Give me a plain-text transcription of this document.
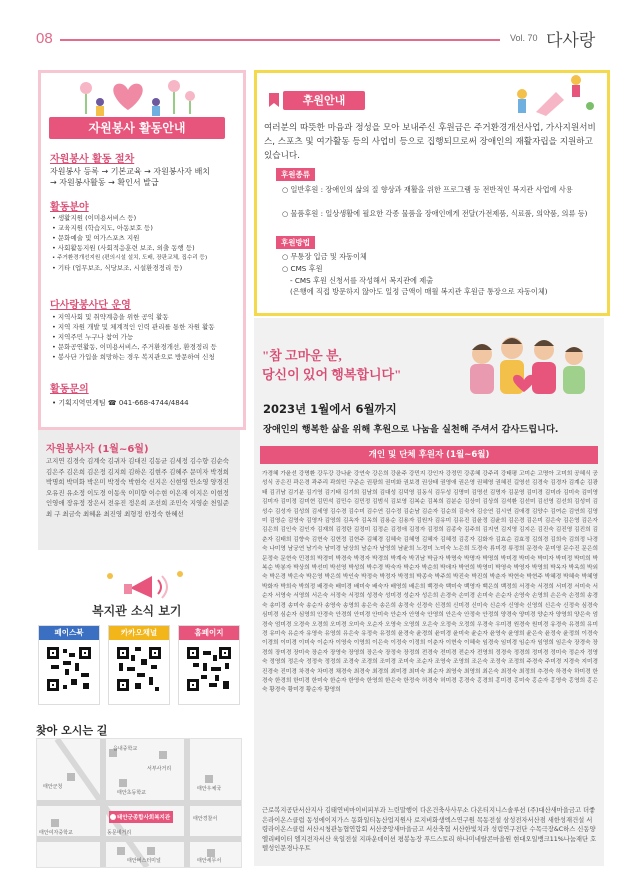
08	Vol. 70 다사랑
자원봉사 활동안내
자원봉사 활동 절차
자원봉사 등록 → 기본교육 → 자원봉사자 배치
→ 자원봉사활동 → 확인서 발급
활동분야
• 생활지원 (이미용서비스 등)
• 교육지원 (학습지도, 아동보호 등)
• 문화예술 및 여가스포츠 지원
• 사회활동지원 (사회적응훈련 보조, 외출 동행 등)
• 주거환경개선지원 (편의시설 설치, 도배, 장판교체, 집수리 등)
• 기타 (업무보조, 식당보조, 시설환경정리 등)
다사랑봉사단 운영
• 지역사회 및 취약계층을 위한 공익 활동
• 지역 자원 개발 및 체계적인 인력 관리를 통한 자원 활동
• 지역주민 누구나 참여 가능
• 문화공연활동, 이미용서비스, 주거환경개선, 환경정리 등
• 봉사단 가입을 희망하는 경우 복지관으로 방문하여 신청
활동문의
• 기획지역연계팀 ☎ 041-668-4744/4844
자원봉사자 (1월~6월)
고지연 김경숙 김계숙 김귀자 김대진 김동균 김세정 김수향 김순숙 김은주 김은희 김은정 김지희 김하은 김현주 김혜주 문미자 박경희 박명희 박미화 박은미 박정숙 박현숙 신지은 신현영 안소영 양경진 오유진 유소정 이도경 이동욱 이미향 이수현 이은재 이지은 이현정 인영애 장유정 장은서 전유진 정은희 조선희 조민숙 지영순 천일준 최 구 최금숙 최혜윤 최진영 최형정 한정숙 한혜선
복지관 소식 보기
페이스북	카카오채널	홈페이지
찾아 오시는 길
읍내중학교
서부사거리
태안군청
태안초등학교
태안우체국
태안여자중학교	동문네거리
태안버스터미널	태안세무서
태안경찰서
태안군종합사회복지관
후원안내
여러분의 따뜻한 마음과 정성을 모아 보내주신 후원금은 주거환경개선사업, 가사지원서비스, 스포츠 및 여가활동 등의 사업비 등으로 집행되므로써 장애인의 재활자립을 지원하고 있습니다.
후원종류
○ 일반후원 : 장애인의 삶의 질 향상과 재활을 위한 프로그램 등 전반적인 복지관 사업에 사용
○ 물품후원 : 일상생활에 필요한 각종 물품을 장애인에게 전달(가전제품, 식료품, 의약품, 의류 등)
후원방법
○ 무통장 입금 및 자동이체
○ CMS 후원
- CMS 후원 신청서를 작성해서 복지관에 제출
(은행에 직접 방문하지 않아도 일정 금액이 매월 복지관 후원금 통장으로 자동이체)
"참 고마운 분,
당신이 있어 행복합니다"
2023년 1월에서 6월까지
장애인의 행복한 삶을 위해 후원으로 나눔을 실천해 주셔서 감사드립니다.
개인 및 단체 후원자 (1월~6월)
가경혜 가윤선 강명환 강두강 강나윤 강연숙 강은희 강윤주 강민지 강인자 강정민 강종혜 강주리 강태평 고미순 고명아 고미희 공혜식 공성식 공은진 곽은경 곽주리 곽희민 구준순 권광희 권미화 권보경 권상태 권영애 권은영 권혜영 권혜진 길영선 김경숙 김경자 김계순 김광태 김귀남 김기분 김기영 김기태 김기희 김남희 김대성 김덕영 김동식 김두성 김명미 김명선 김명자 김문영 김미경 김미라 김미숙 김미영 김미자 김미정 김미현 김민석 김민수 김민정 김범식 김보영 김복순 김복희 김분순 김상미 김상희 김석환 김선미 김선영 김선희 김성미 김성수 김성자 김성희 김세영 김수경 김수미 김수연 김수정 김순남 김순자 김순희 김숙자 김승연 김시연 김애경 김양수 김여순 김연희 김영미 김영순 김영숙 김영자 김영희 김옥자 김옥희 김용순 김용자 김원자 김유미 김유진 김윤정 김윤희 김은경 김은미 김은숙 김은영 김은자 김은희 김인숙 김인자 김재희 김정란 김정미 김정순 김정애 김정자 김정희 김종숙 김주희 김지연 김지영 김지은 김진숙 김진영 김진희 김춘자 김태희 김향숙 김현숙 김현정 김현주 김혜경 김혜숙 김혜영 김혜자 김혜정 김홍자 김화자 김효순 김효정 김희경 김희숙 김희정 나경숙 나미영 남궁연 남기숙 남미경 남상희 남순자 남영희 남윤희 노경미 노미숙 노은희 도경숙 류미경 류정희 문경숙 문미영 문수진 문은희 문정숙 문현숙 민경희 박경미 박경숙 박경자 박경희 박계숙 박귀남 박금자 박명숙 박명자 박명희 박미경 박미숙 박미자 박미정 박미희 박복순 박봉자 박상희 박선미 박선영 박성희 박수경 박숙자 박순자 박순희 박애자 박연희 박영미 박영숙 박영자 박영희 박옥자 박옥희 박외숙 박은경 박은숙 박은영 박은희 박인숙 박정숙 박정자 박정희 박종숙 박주희 박진숙 박진희 박춘자 박현숙 박현주 박혜경 박혜숙 박혜영 박화자 박희숙 박희정 배경숙 배미경 배미숙 배숙자 배영희 배은희 백경숙 백미숙 백영자 백은희 백정희 서경숙 서경희 서미경 서미숙 서순자 서영숙 서영희 서은숙 서정숙 서정희 성경숙 성미경 성순자 성은희 손경숙 손미경 손미숙 손순자 손영숙 손영희 손은숙 손정희 송경숙 송미경 송미숙 송순자 송영숙 송영희 송은숙 송은희 송정숙 신경숙 신경희 신미경 신미숙 신순자 신영숙 신영희 신은숙 신정숙 심경숙 심미경 심순자 심영희 안경숙 안경희 안미경 안미숙 안순자 안영숙 안영희 안은숙 안정숙 안정희 양경숙 양미경 양순자 양영희 양은숙 엄경숙 엄미경 오경숙 오경희 오미경 오미숙 오순자 오영숙 오영희 오은숙 오정숙 오정희 우경숙 우미경 원경숙 원미경 유경숙 유경희 유미경 유미숙 유순자 유영숙 유영희 유은숙 유정숙 유정희 윤경숙 윤경희 윤미경 윤미숙 윤순자 윤영숙 윤영희 윤은숙 윤정숙 윤정희 이경숙 이경희 이미경 이미숙 이순자 이영숙 이영희 이은숙 이정숙 이정희 이춘자 이현숙 이혜숙 임경숙 임미경 임순자 임영희 임은숙 장경숙 장경희 장미경 장미숙 장순자 장영숙 장영희 장은숙 장정숙 장정희 전경숙 전미경 전순자 전영희 정경숙 정경희 정미경 정미숙 정순자 정영숙 정영희 정은숙 정정숙 정정희 조경숙 조경희 조미경 조미숙 조순자 조영숙 조영희 조은숙 조정숙 조정희 주경숙 주미경 지경숙 지미경 진경숙 진미경 차경숙 차미경 채경숙 최경숙 최경희 최미경 최미숙 최순자 최영숙 최영희 최은숙 최정숙 최정희 추경숙 하경숙 하미경 한경숙 한경희 한미경 한미숙 한순자 한영숙 한영희 한은숙 한정숙 허경숙 허미경 홍경숙 홍경희 홍미경 홍미숙 홍순자 홍영숙 홍영희 홍은숙 황경숙 황미경 황순자 황영희
근로복지공단서산지사 김태연비마이비피부과 느린말행이 다온건축사사무소 다온티지니스솔루션 (주)대산새마을금고 더좋은라이온스클럽 동성에이지가스 동화일티농산업지원사 로지비화생엑스연구원 목동전설 삼성전자서산점 새한성재건설 서령라이온스클럽 서산시청관농협연합회 서산중앙새마을금고 서산축협 서산한빛치과 성림연구전단 수목극장&C하스 신동양엘리베이터 엘지전자서산 육일전설 지파운데이션 평봉농장 푸드스토리 하나미네랄콘마을원 현대오일뱅크11%나눔재단 호텔성인문경나우트
